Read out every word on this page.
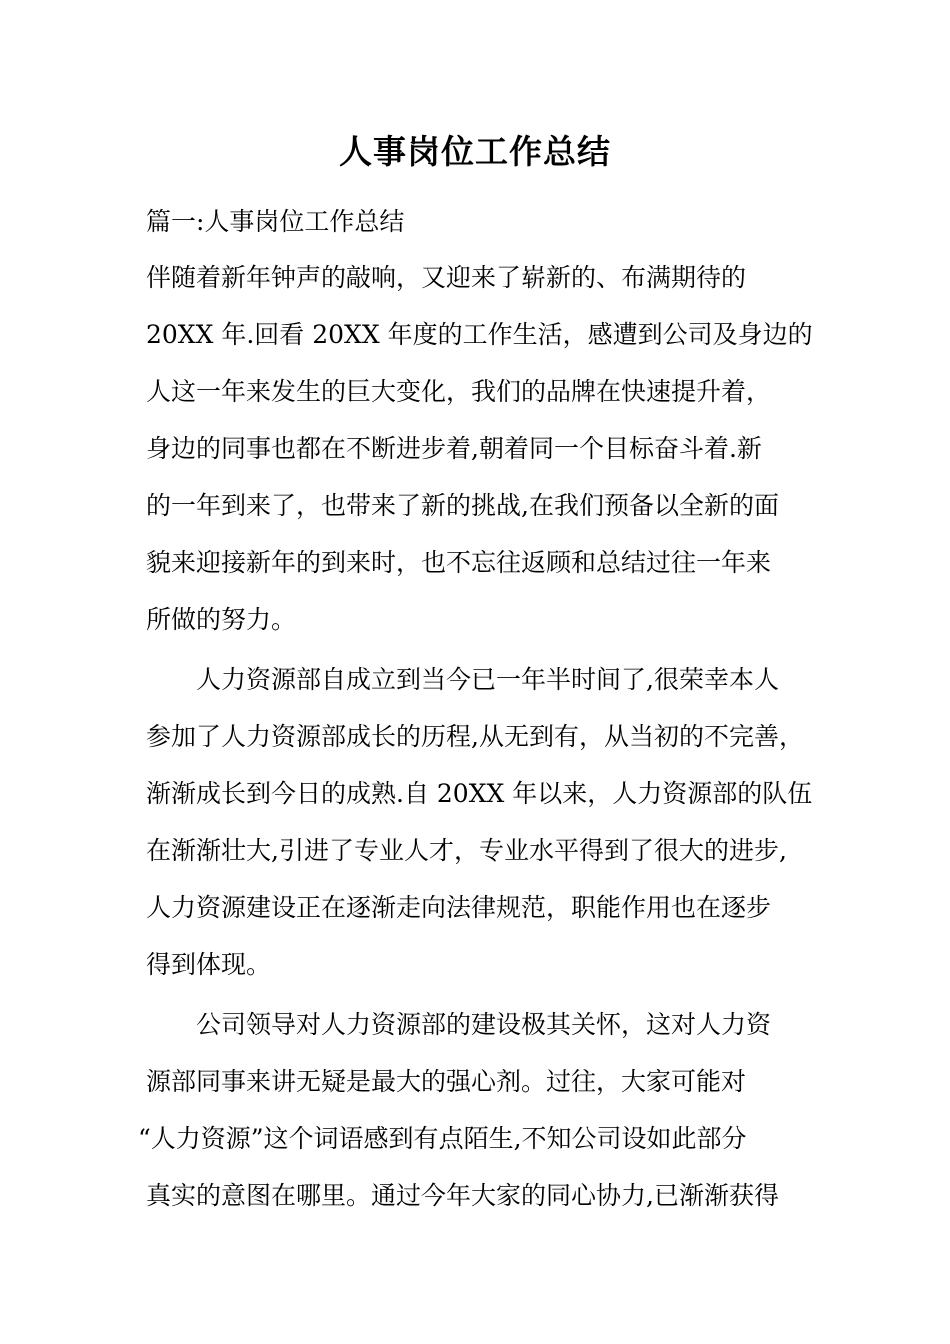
人事岗位工作总结

篇一:人事岗位工作总结

伴随着新年钟声的敲响，又迎来了崭新的、布满期待的

20XX 年.回看 20XX 年度的工作生活，感遭到公司及身边的

人这一年来发生的巨大变化，我们的品牌在快速提升着，

身边的同事也都在不断进步着,朝着同一个目标奋斗着.新

的一年到来了，也带来了新的挑战,在我们预备以全新的面

貌来迎接新年的到来时，也不忘往返顾和总结过往一年来

所做的努力。

人力资源部自成立到当今已一年半时间了,很荣幸本人

参加了人力资源部成长的历程,从无到有，从当初的不完善，

渐渐成长到今日的成熟.自 20XX 年以来，人力资源部的队伍

在渐渐壮大,引进了专业人才，专业水平得到了很大的进步,

人力资源建设正在逐渐走向法律规范，职能作用也在逐步

得到体现。

公司领导对人力资源部的建设极其关怀，这对人力资

源部同事来讲无疑是最大的强心剂。过往，大家可能对

“人力资源”这个词语感到有点陌生,不知公司设如此部分

真实的意图在哪里。通过今年大家的同心协力,已渐渐获得
